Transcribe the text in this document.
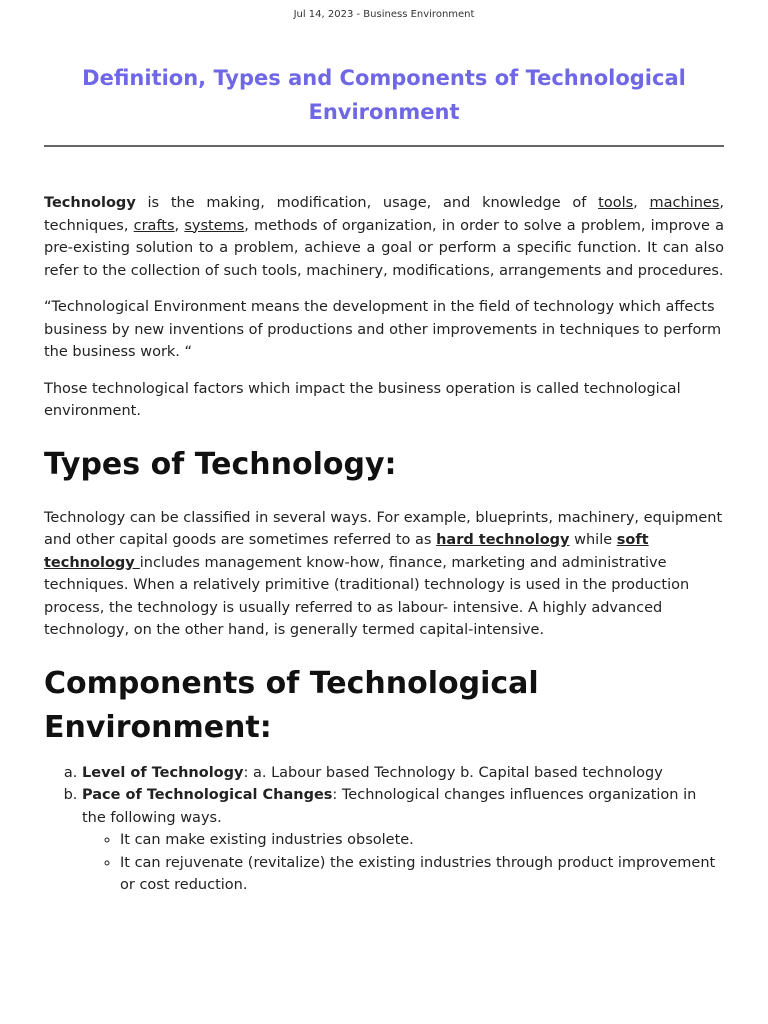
Jul 14, 2023 - Business Environment
Definition, Types and Components of Technological Environment

Technology is the making, modification, usage, and knowledge of tools, machines, techniques, crafts, systems, methods of organization, in order to solve a problem, improve a pre-existing solution to a problem, achieve a goal or perform a specific function. It can also refer to the collection of such tools, machinery, modifications, arrangements and procedures.

“Technological Environment means the development in the field of technology which affects business by new inventions of productions and other improvements in techniques to perform the business work. “

Those technological factors which impact the business operation is called technological environment.

Types of Technology:

Technology can be classified in several ways. For example, blueprints, machinery, equipment and other capital goods are sometimes referred to as hard technology while soft technology includes management know-how, finance, marketing and administrative techniques. When a relatively primitive (traditional) technology is used in the production process, the technology is usually referred to as labour- intensive. A highly advanced technology, on the other hand, is generally termed capital-intensive.

Components of Technological Environment:
a. Level of Technology: a. Labour based Technology b. Capital based technology
b. Pace of Technological Changes: Technological changes influences organization in the following ways.
◦ It can make existing industries obsolete.
◦ It can rejuvenate (revitalize) the existing industries through product improvement or cost reduction.
